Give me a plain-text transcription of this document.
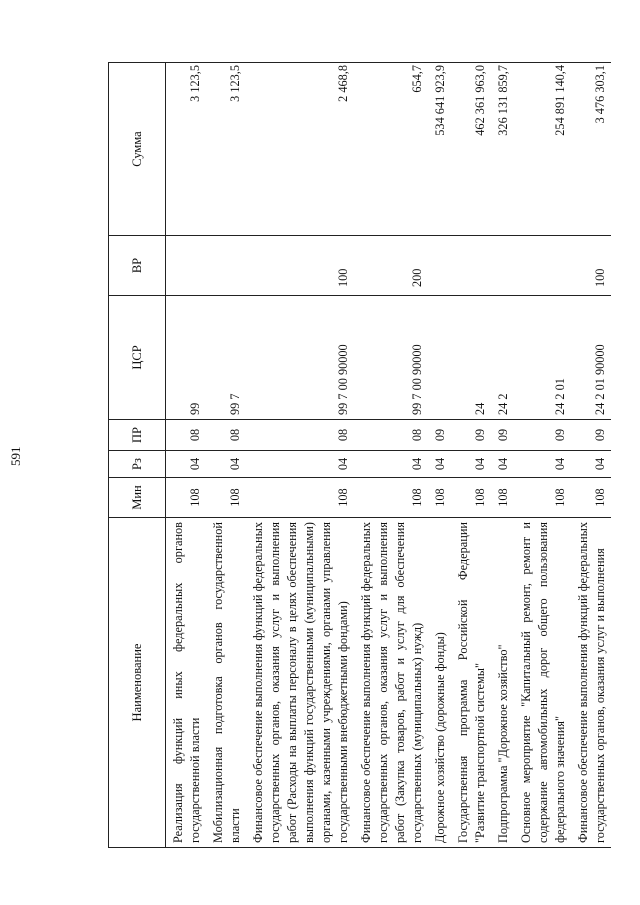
591
Наименование	Мин	Рз	ПР	ЦСР	ВР	Сумма
Реализация функций иных федеральных органов государственной власти	108	04	08	99		3 123,5
Мобилизационная подготовка органов государственной власти	108	04	08	99 7		3 123,5
Финансовое обеспечение выполнения функций федеральных государственных органов, оказания услуг и выполнения работ (Расходы на выплаты персоналу в целях обеспечения выполнения функций государственными (муниципальными) органами, казенными учреждениями, органами управления государственными внебюджетными фондами)	108	04	08	99 7 00 90000	100	2 468,8
Финансовое обеспечение выполнения функций федеральных государственных органов, оказания услуг и выполнения работ (Закупка товаров, работ и услуг для обеспечения государственных (муниципальных) нужд)	108	04	08	99 7 00 90000	200	654,7
Дорожное хозяйство (дорожные фонды)	108	04	09			534 641 923,9
Государственная программа Российской Федерации "Развитие транспортной системы"	108	04	09	24		462 361 963,0
Подпрограмма "Дорожное хозяйство"	108	04	09	24 2		326 131 859,7
Основное мероприятие "Капитальный ремонт, ремонт и содержание автомобильных дорог общего пользования федерального значения"	108	04	09	24 2 01		254 891 140,4
Финансовое обеспечение выполнения функций федеральных государственных органов, оказания услуг и выполнения	108	04	09	24 2 01 90000	100	3 476 303,1
